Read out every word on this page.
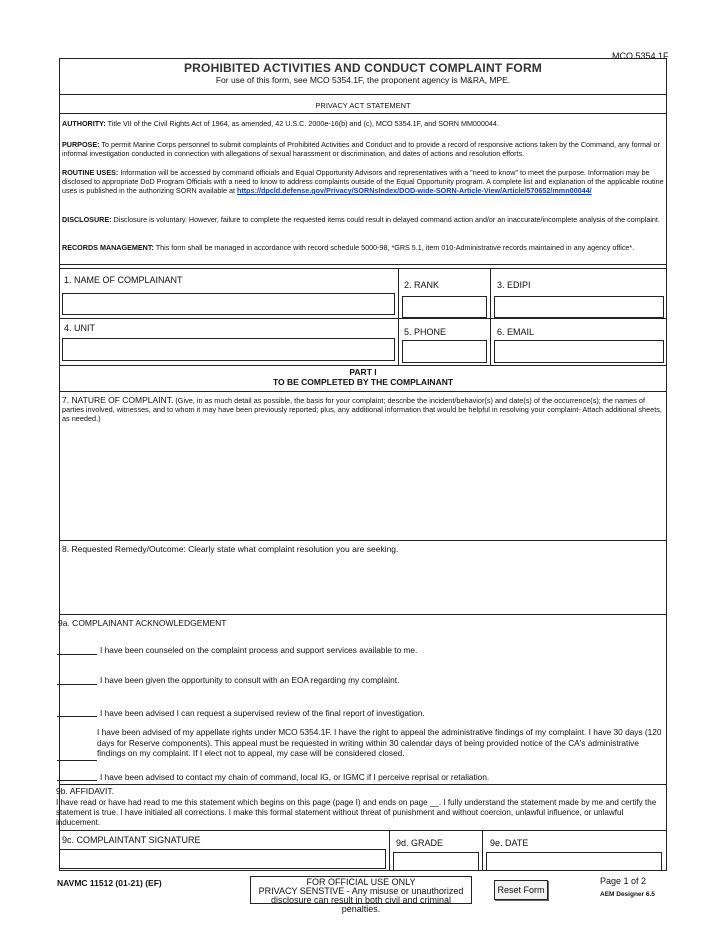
MCO 5354.1F
PROHIBITED ACTIVITIES AND CONDUCT COMPLAINT FORM
For use of this form, see MCO 5354.1F, the proponent agency is M&RA, MPE.
PRIVACY ACT STATEMENT
AUTHORITY: Title VII of the Civil Rights Act of 1964, as amended, 42 U.S.C. 2000e-16(b) and (c), MCO 5354.1F, and SORN MM000044.
PURPOSE: To permit Marine Corps personnel to submit complaints of Prohibited Activities and Conduct and to provide a record of responsive actions taken by the Command, any formal or informal investigation conducted in connection with allegations of sexual harassment or discrimination, and dates of actions and resolution efforts.
ROUTINE USES: Information will be accessed by command officials and Equal Opportunity Advisors and representatives with a "need to know" to meet the purpose. Information may be disclosed to appropriate DoD Program Officials with a need to know to address complaints outside of the Equal Opportunity program. A complete list and explanation of the applicable routine uses is published in the authorizing SORN available at https://dpcld.defense.gov/Privacy/SORNsIndex/DOD-wide-SORN-Article-View/Article/570652/mmn00044/
DISCLOSURE: Disclosure is voluntary. However, failure to complete the requested items could result in delayed command action and/or an inaccurate/incomplete analysis of the complaint.
RECORDS MANAGEMENT: This form shall be managed in accordance with record schedule 5000-98, *GRS 5.1, item 010-Administrative records maintained in any agency office*.
1. NAME OF COMPLAINANT	2. RANK	3. EDIPI
4. UNIT	5. PHONE	6. EMAIL
PART I
TO BE COMPLETED BY THE COMPLAINANT
7. NATURE OF COMPLAINT. (Give, in as much detail as possible, the basis for your complaint; describe the incident/behavior(s) and date(s) of the occurrence(s); the names of parties involved, witnesses, and to whom it may have been previously reported; plus, any additional information that would be helpful in resolving your complaint- Attach additional sheets, as needed.)
8. Requested Remedy/Outcome: Clearly state what complaint resolution you are seeking.
9a. COMPLAINANT ACKNOWLEDGEMENT
I have been counseled on the complaint process and support services available to me.
I have been given the opportunity to consult with an EOA regarding my complaint.
I have been advised I can request a supervised review of the final report of investigation.
I have been advised of my appellate rights under MCO 5354.1F. I have the right to appeal the administrative findings of my complaint. I have 30 days (120 days for Reserve components). This appeal must be requested in writing within 30 calendar days of being provided notice of the CA's administrative findings on my complaint. If I elect not to appeal, my case will be considered closed.
I have been advised to contact my chain of command, local IG, or IGMC if I perceive reprisal or retaliation.
9b. AFFIDAVIT.
I have read or have had read to me this statement which begins on this page (page I) and ends on page __. I fully understand the statement made by me and certify the statement is true. I have initialed all corrections. I make this formal statement without threat of punishment and without coercion, unlawful influence, or unlawful inducement.
9c. COMPLAINTANT SIGNATURE	9d. GRADE	9e. DATE
NAVMC 11512 (01-21) (EF)	FOR OFFICIAL USE ONLY
PRIVACY SENSTIVE - Any misuse or unauthorized
disclosure can result in both civil and criminal penalties.
Reset Form
Page 1 of 2
AEM Designer 6.5
